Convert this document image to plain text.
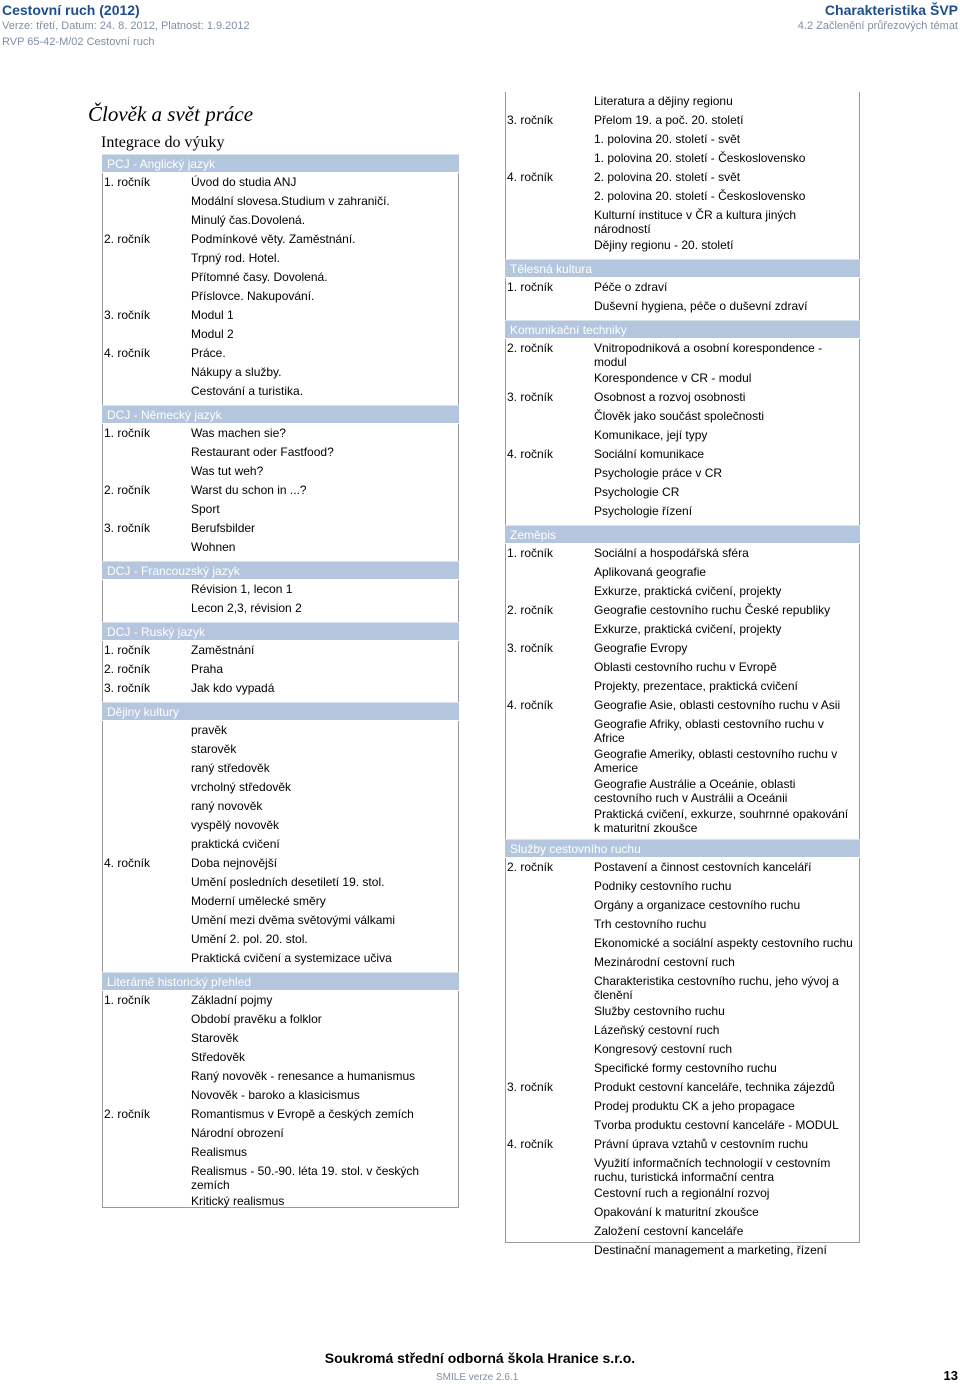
Cestovní ruch (2012)
Verze: třetí, Datum: 24. 8. 2012, Platnost: 1.9.2012
RVP 65-42-M/02 Cestovní ruch
Charakteristika ŠVP
4.2 Začlenění průřezových témat
Člověk a svět práce
Integrace do výuky
PCJ - Anglický jazyk
1. ročník	Úvod do studia ANJ
Modální slovesa.Studium v zahraničí.
Minulý čas.Dovolená.
2. ročník	Podmínkové věty. Zaměstnání.
Trpný rod. Hotel.
Přítomné časy. Dovolená.
Příslovce. Nakupování.
3. ročník	Modul 1
Modul 2
4. ročník	Práce.
Nákupy a služby.
Cestování a turistika.
DCJ - Německý jazyk
1. ročník	Was machen sie?
Restaurant oder Fastfood?
Was tut weh?
2. ročník	Warst du schon in ...?
Sport
3. ročník	Berufsbilder
Wohnen
DCJ - Francouzský jazyk
Révision 1, lecon 1
Lecon 2,3, révision 2
DCJ - Ruský jazyk
1. ročník	Zaměstnání
2. ročník	Praha
3. ročník	Jak kdo vypadá
Dějiny kultury
pravěk
starověk
raný středověk
vrcholný středověk
raný novověk
vyspělý novověk
praktická cvičení
4. ročník	Doba nejnovější
Umění posledních desetiletí 19. stol.
Moderní umělecké směry
Umění mezi dvěma světovými válkami
Umění 2. pol. 20. stol.
Praktická cvičení a systemizace učiva
Literárně historický přehled
1. ročník	Základní pojmy
Období pravěku a folklor
Starověk
Středověk
Raný novověk - renesance a humanismus
Novověk - baroko a klasicismus
2. ročník	Romantismus v Evropě a českých zemích
Národní obrození
Realismus
Realismus - 50.-90. léta 19. stol. v českých zemích
Kritický realismus
Literatura a dějiny regionu
3. ročník	Přelom 19. a poč. 20. století
1. polovina 20. století - svět
1. polovina 20. století - Československo
4. ročník	2. polovina 20. století - svět
2. polovina 20. století - Československo
Kulturní instituce v ČR a kultura jiných národností
Dějiny regionu - 20. století
Tělesná kultura
1. ročník	Péče o zdraví
Duševní hygiena, péče o duševní zdraví
Komunikační techniky
2. ročník	Vnitropodniková a osobní korespondence - modul
Korespondence v CR - modul
3. ročník	Osobnost a rozvoj osobnosti
Člověk jako součást společnosti
Komunikace, její typy
4. ročník	Sociální komunikace
Psychologie práce v CR
Psychologie CR
Psychologie řízení
Zeměpis
1. ročník	Sociální a hospodářská sféra
Aplikovaná geografie
Exkurze, praktická cvičení, projekty
2. ročník	Geografie cestovního ruchu České republiky
Exkurze, praktická cvičení, projekty
3. ročník	Geografie Evropy
Oblasti cestovního ruchu v Evropě
Projekty, prezentace, praktická cvičení
4. ročník	Geografie Asie, oblasti cestovního ruchu v Asii
Geografie Afriky, oblasti cestovního ruchu v Africe
Geografie Ameriky, oblasti cestovního ruchu v Americe
Geografie Austrálie a Oceánie, oblasti cestovního ruch v Austrálii a Oceánii
Praktická cvičení, exkurze, souhrnné opakování k maturitní zkoušce
Služby cestovního ruchu
2. ročník	Postavení a činnost cestovních kanceláří
Podniky cestovního ruchu
Orgány a organizace cestovního ruchu
Trh cestovního ruchu
Ekonomické a sociální aspekty cestovního ruchu
Mezinárodní cestovní ruch
Charakteristika cestovního ruchu, jeho vývoj a členění
Služby cestovního ruchu
Lázeňský cestovní ruch
Kongresový cestovní ruch
Specifické formy cestovního ruchu
3. ročník	Produkt cestovní kanceláře, technika zájezdů
Prodej produktu CK a jeho propagace
Tvorba produktu cestovní kanceláře - MODUL
4. ročník	Právní úprava vztahů v cestovním ruchu
Využití informačních technologií v cestovním ruchu, turistická informační centra
Cestovní ruch a regionální rozvoj
Opakování k maturitní zkoušce
Založení cestovní kanceláře
Destinační management a marketing, řízení
Soukromá střední odborná škola Hranice s.r.o.
SMILE verze 2.6.1	13
